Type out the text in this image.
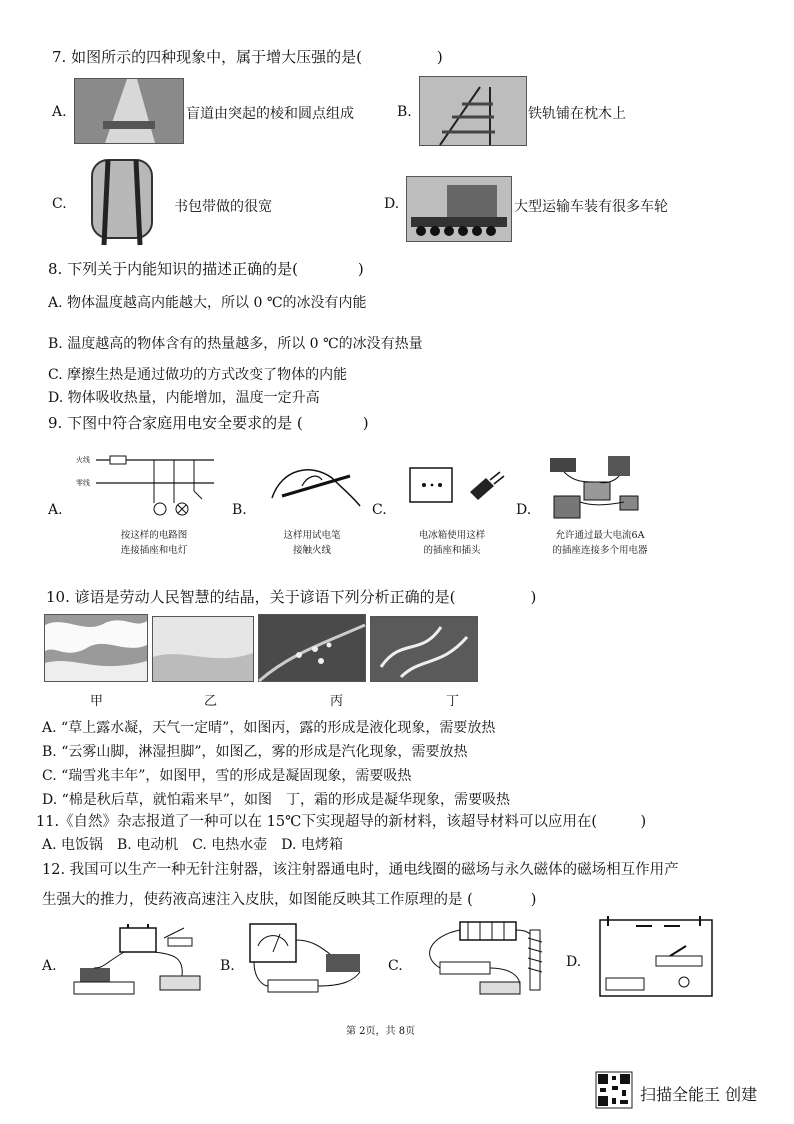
7. 如图所示的四种现象中，属于增大压强的是(　　　　　)
A.	盲道由突起的棱和圆点组成	B.	铁轨铺在枕木上
C.	书包带做的很宽	D.	大型运输车装有很多车轮
8. 下列关于内能知识的描述正确的是(　　　　)
A. 物体温度越高内能越大，所以 0 ℃的冰没有内能
B. 温度越高的物体含有的热量越多，所以 0 ℃的冰没有热量
C. 摩擦生热是通过做功的方式改变了物体的内能
D. 物体吸收热量，内能增加，温度一定升高
9. 下图中符合家庭用电安全要求的是 (　　　　)
A.
火线
零线
按这样的电路图
连接插座和电灯
B.
这样用试电笔
接触火线
C.
电冰箱使用这样
的插座和插头
D.
允许通过最大电流6A
的插座连接多个用电器
10. 谚语是劳动人民智慧的结晶，关于谚语下列分析正确的是(　　　　　)
甲	乙	丙	丁
A. “草上露水凝，天气一定晴”，如图丙，露的形成是液化现象，需要放热
B. “云雾山脚，淋湿担脚”，如图乙，雾的形成是汽化现象，需要放热
C. “瑞雪兆丰年”，如图甲，雪的形成是凝固现象，需要吸热
D. “棉是秋后草，就怕霜来早”，如图　丁，霜的形成是凝华现象，需要吸热
11.《自然》杂志报道了一种可以在 15℃下实现超导的新材料，该超导材料可以应用在(　　　)
A. 电饭锅　B. 电动机　C. 电热水壶　D. 电烤箱
12. 我国可以生产一种无针注射器，该注射器通电时，通电线圈的磁场与永久磁体的磁场相互作用产
生强大的推力，使药液高速注入皮肤，如图能反映其工作原理的是 (　　　　)
A.	B.	C.	D.
第 2页，共 8页
扫描全能王 创建
